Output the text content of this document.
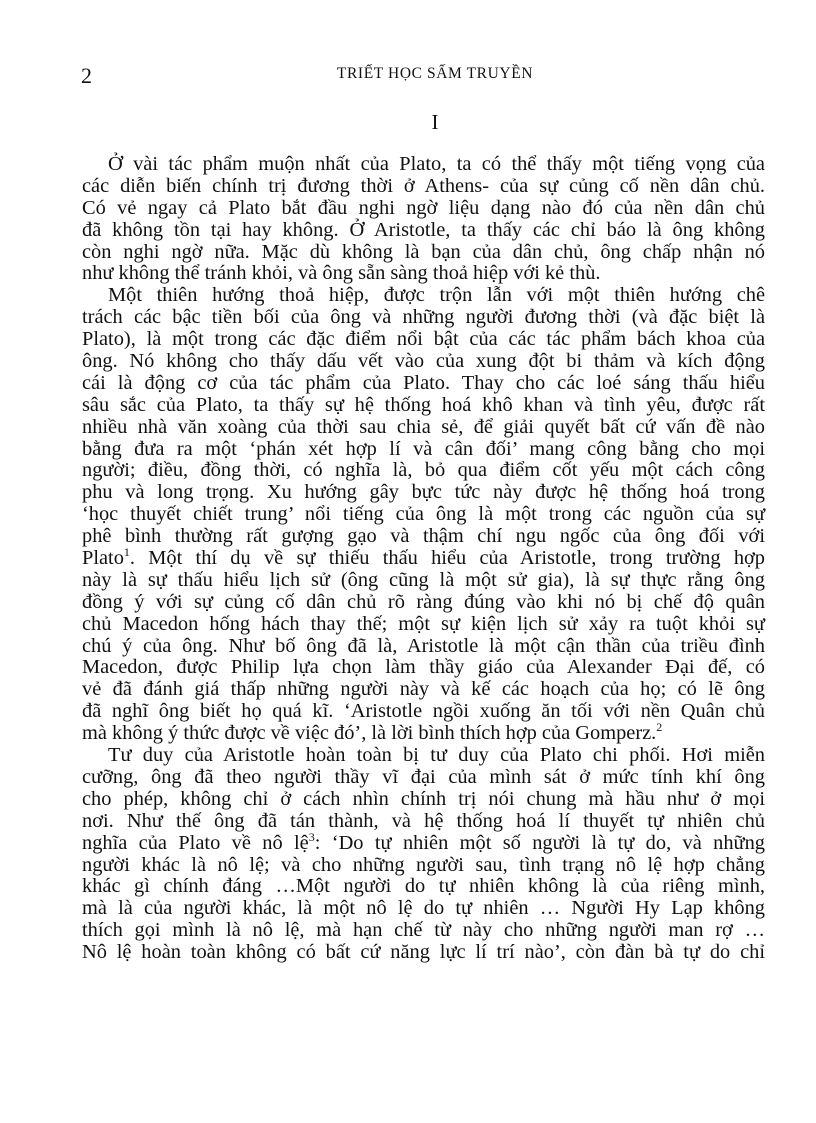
2	TRIẾT HỌC SẤM TRUYỀN
I
Ở vài tác phẩm muộn nhất của Plato, ta có thể thấy một tiếng vọng của
các diễn biến chính trị đương thời ở Athens- của sự củng cố nền dân chủ.
Có vẻ ngay cả Plato bắt đầu nghi ngờ liệu dạng nào đó của nền dân chủ
đã không tồn tại hay không. Ở Aristotle, ta thấy các chỉ báo là ông không
còn nghi ngờ nữa. Mặc dù không là bạn của dân chủ, ông chấp nhận nó
như không thể tránh khỏi, và ông sẵn sàng thoả hiệp với kẻ thù.
Một thiên hướng thoả hiệp, được trộn lẫn với một thiên hướng chê
trách các bậc tiền bối của ông và những người đương thời (và đặc biệt là
Plato), là một trong các đặc điểm nổi bật của các tác phẩm bách khoa của
ông. Nó không cho thấy dấu vết vào của xung đột bi thảm và kích động
cái là động cơ của tác phẩm của Plato. Thay cho các loé sáng thấu hiểu
sâu sắc của Plato, ta thấy sự hệ thống hoá khô khan và tình yêu, được rất
nhiều nhà văn xoàng của thời sau chia sẻ, để giải quyết bất cứ vấn đề nào
bằng đưa ra một ‘phán xét hợp lí và cân đối’ mang công bằng cho mọi
người; điều, đồng thời, có nghĩa là, bỏ qua điểm cốt yếu một cách công
phu và long trọng. Xu hướng gây bực tức này được hệ thống hoá trong
‘học thuyết chiết trung’ nổi tiếng của ông là một trong các nguồn của sự
phê bình thường rất gượng gạo và thậm chí ngu ngốc của ông đối với
Plato$^1$. Một thí dụ về sự thiếu thấu hiểu của Aristotle, trong trường hợp
này là sự thấu hiểu lịch sử (ông cũng là một sử gia), là sự thực rằng ông
đồng ý với sự củng cố dân chủ rõ ràng đúng vào khi nó bị chế độ quân
chủ Macedon hống hách thay thế; một sự kiện lịch sử xảy ra tuột khỏi sự
chú ý của ông. Như bố ông đã là, Aristotle là một cận thần của triều đình
Macedon, được Philip lựa chọn làm thầy giáo của Alexander Đại đế, có
vẻ đã đánh giá thấp những người này và kế các hoạch của họ; có lẽ ông
đã nghĩ ông biết họ quá kĩ. ‘Aristotle ngồi xuống ăn tối với nền Quân chủ
mà không ý thức được về việc đó’, là lời bình thích hợp của Gomperz.$^2$
Tư duy của Aristotle hoàn toàn bị tư duy của Plato chi phối. Hơi miễn
cưỡng, ông đã theo người thầy vĩ đại của mình sát ở mức tính khí ông
cho phép, không chỉ ở cách nhìn chính trị nói chung mà hầu như ở mọi
nơi. Như thế ông đã tán thành, và hệ thống hoá lí thuyết tự nhiên chủ
nghĩa của Plato về nô lệ$^3$: ‘Do tự nhiên một số người là tự do, và những
người khác là nô lệ; và cho những người sau, tình trạng nô lệ hợp chẳng
khác gì chính đáng …Một người do tự nhiên không là của riêng mình,
mà là của người khác, là một nô lệ do tự nhiên … Người Hy Lạp không
thích gọi mình là nô lệ, mà hạn chế từ này cho những người man rợ …
Nô lệ hoàn toàn không có bất cứ năng lực lí trí nào’, còn đàn bà tự do chỉ
